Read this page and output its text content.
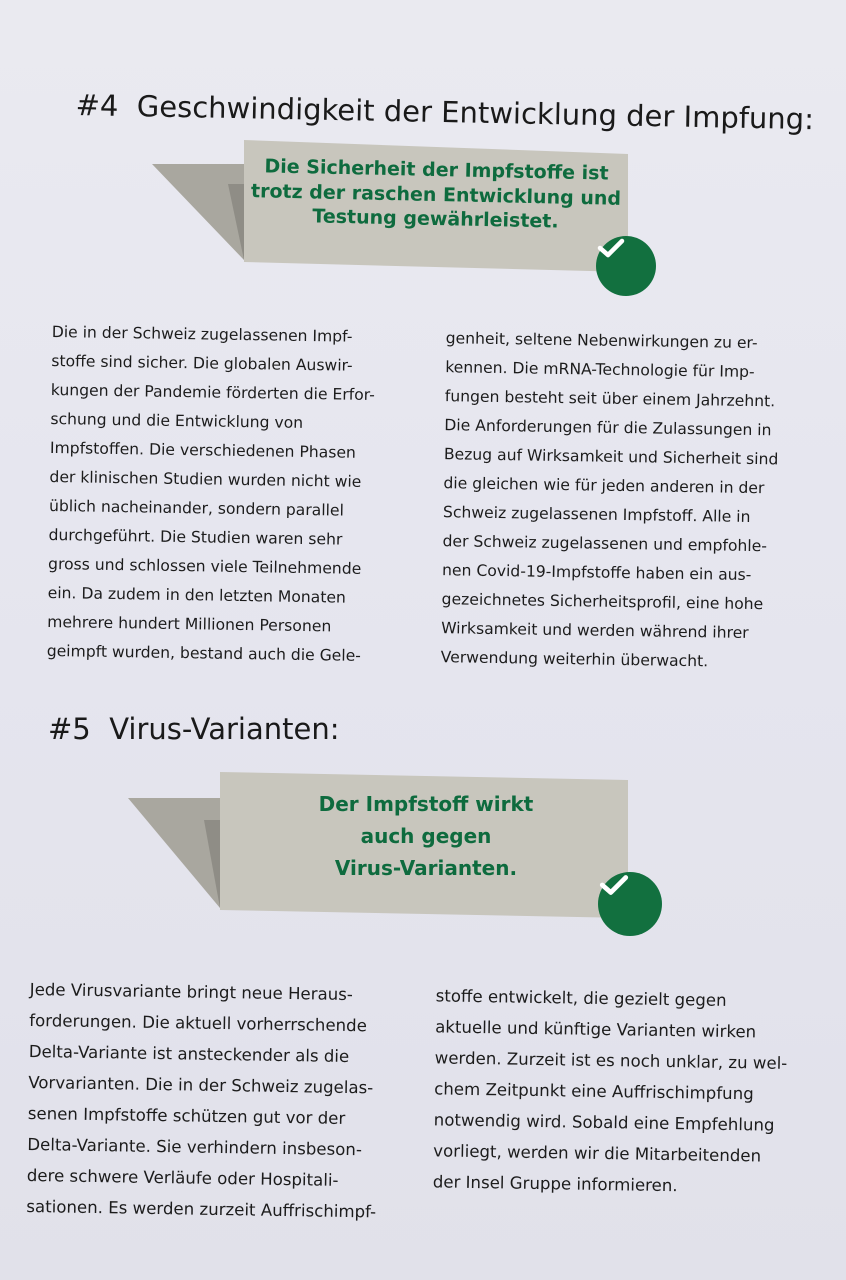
#4 Geschwindigkeit der Entwicklung der Impfung:
Die Sicherheit der Impfstoffe ist
trotz der raschen Entwicklung und
Testung gewährleistet.
Die in der Schweiz zugelassenen Impf-
stoffe sind sicher. Die globalen Auswir-
kungen der Pandemie förderten die Erfor-
schung und die Entwicklung von
Impfstoffen. Die verschiedenen Phasen
der klinischen Studien wurden nicht wie
üblich nacheinander, sondern parallel
durchgeführt. Die Studien waren sehr
gross und schlossen viele Teilnehmende
ein. Da zudem in den letzten Monaten
mehrere hundert Millionen Personen
geimpft wurden, bestand auch die Gele-
genheit, seltene Nebenwirkungen zu er-
kennen. Die mRNA-Technologie für Imp-
fungen besteht seit über einem Jahrzehnt.
Die Anforderungen für die Zulassungen in
Bezug auf Wirksamkeit und Sicherheit sind
die gleichen wie für jeden anderen in der
Schweiz zugelassenen Impfstoff. Alle in
der Schweiz zugelassenen und empfohle-
nen Covid-19-Impfstoffe haben ein aus-
gezeichnetes Sicherheitsprofil, eine hohe
Wirksamkeit und werden während ihrer
Verwendung weiterhin überwacht.
#5 Virus-Varianten:
Der Impfstoff wirkt
auch gegen
Virus-Varianten.
Jede Virusvariante bringt neue Heraus-
forderungen. Die aktuell vorherrschende
Delta-Variante ist ansteckender als die
Vorvarianten. Die in der Schweiz zugelas-
senen Impfstoffe schützen gut vor der
Delta-Variante. Sie verhindern insbeson-
dere schwere Verläufe oder Hospitali-
sationen. Es werden zurzeit Auffrischimpf-
stoffe entwickelt, die gezielt gegen
aktuelle und künftige Varianten wirken
werden. Zurzeit ist es noch unklar, zu wel-
chem Zeitpunkt eine Auffrischimpfung
notwendig wird. Sobald eine Empfehlung
vorliegt, werden wir die Mitarbeitenden
der Insel Gruppe informieren.
